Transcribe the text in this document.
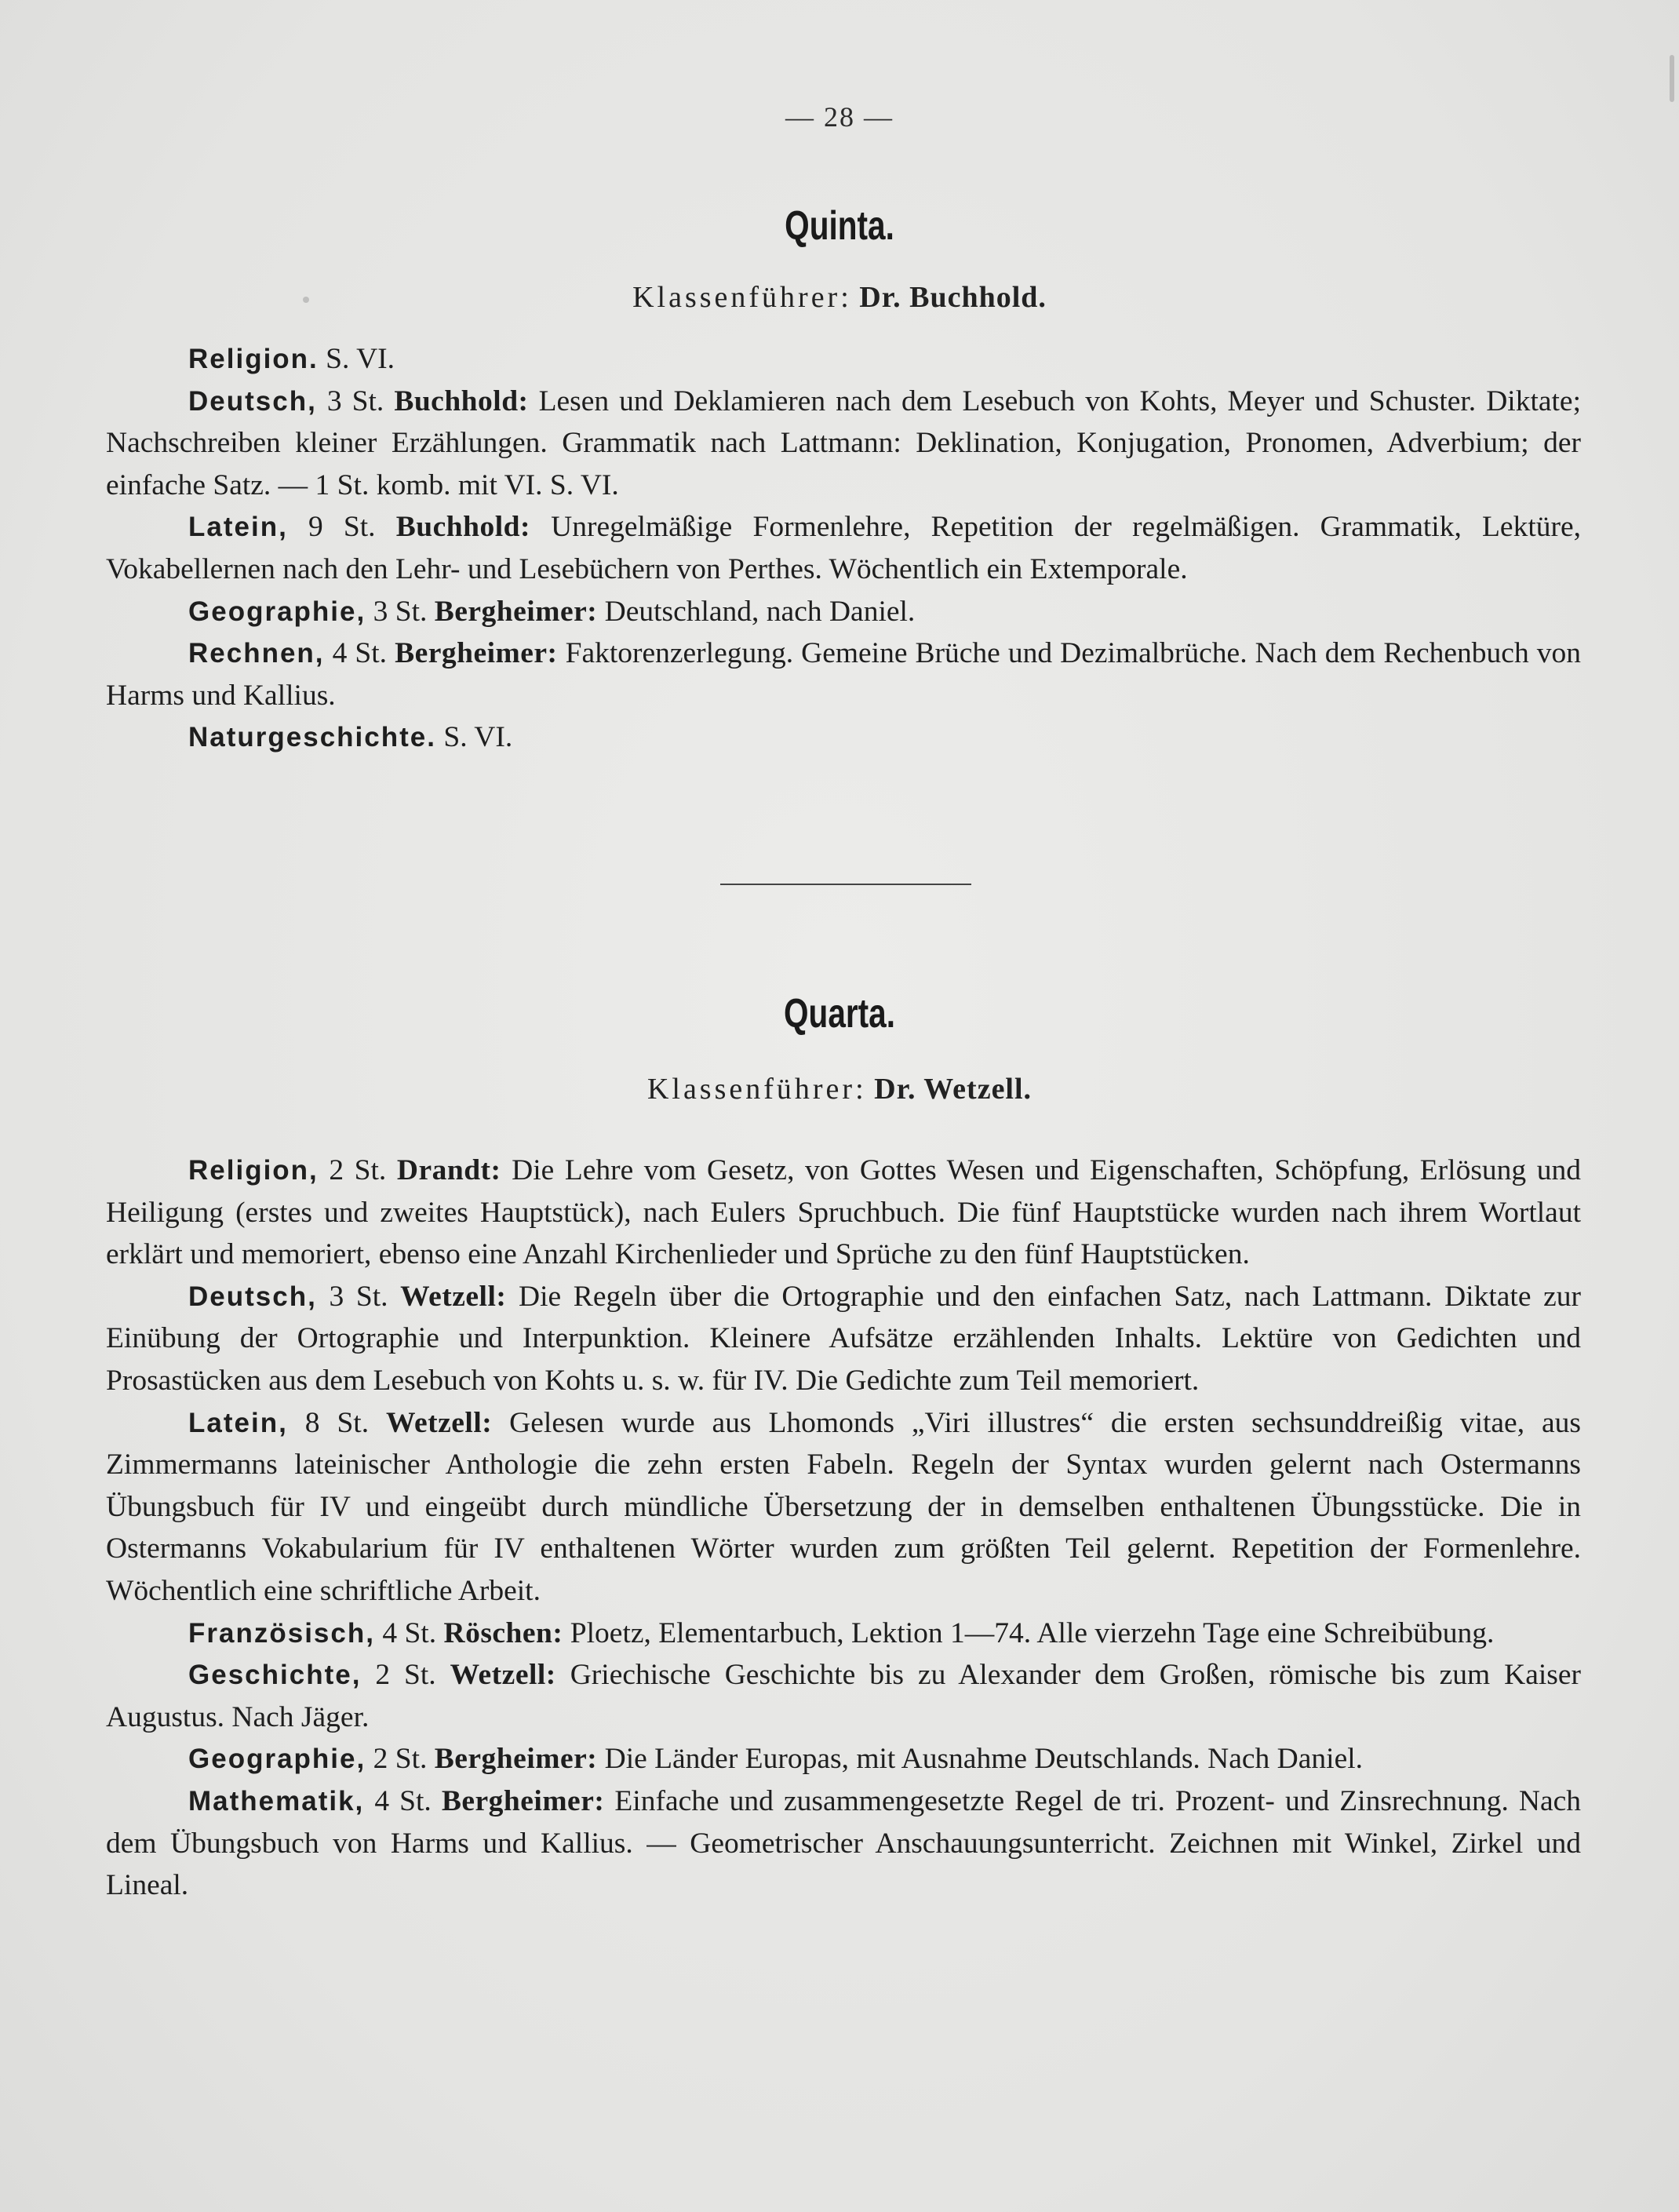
— 28 —
Quinta.
Klassenführer: Dr. Buchhold.

Religion. S. VI.

Deutsch, 3 St. Buchhold: Lesen und Deklamieren nach dem Lesebuch von Kohts, Meyer und Schuster. Diktate; Nachschreiben kleiner Erzählungen. Grammatik nach Lattmann: Deklination, Konjugation, Pronomen, Adverbium; der einfache Satz. — 1 St. komb. mit VI. S. VI.

Latein, 9 St. Buchhold: Unregelmäßige Formenlehre, Repetition der regelmäßigen. Grammatik, Lektüre, Vokabellernen nach den Lehr- und Lesebüchern von Perthes. Wöchentlich ein Extemporale.

Geographie, 3 St. Bergheimer: Deutschland, nach Daniel.

Rechnen, 4 St. Bergheimer: Faktorenzerlegung. Gemeine Brüche und Dezimalbrüche. Nach dem Rechenbuch von Harms und Kallius.

Naturgeschichte. S. VI.

Quarta.
Klassenführer: Dr. Wetzell.

Religion, 2 St. Drandt: Die Lehre vom Gesetz, von Gottes Wesen und Eigenschaften, Schöpfung, Erlösung und Heiligung (erstes und zweites Hauptstück), nach Eulers Spruchbuch. Die fünf Hauptstücke wurden nach ihrem Wortlaut erklärt und memoriert, ebenso eine Anzahl Kirchenlieder und Sprüche zu den fünf Hauptstücken.

Deutsch, 3 St. Wetzell: Die Regeln über die Ortographie und den einfachen Satz, nach Lattmann. Diktate zur Einübung der Ortographie und Interpunktion. Kleinere Aufsätze erzählenden Inhalts. Lektüre von Gedichten und Prosastücken aus dem Lesebuch von Kohts u. s. w. für IV. Die Gedichte zum Teil memoriert.

Latein, 8 St. Wetzell: Gelesen wurde aus Lhomonds „Viri illustres“ die ersten sechsunddreißig vitae, aus Zimmermanns lateinischer Anthologie die zehn ersten Fabeln. Regeln der Syntax wurden gelernt nach Ostermanns Übungsbuch für IV und eingeübt durch mündliche Übersetzung der in demselben enthaltenen Übungsstücke. Die in Ostermanns Vokabularium für IV enthaltenen Wörter wurden zum größten Teil gelernt. Repetition der Formenlehre. Wöchentlich eine schriftliche Arbeit.

Französisch, 4 St. Röschen: Ploetz, Elementarbuch, Lektion 1—74. Alle vierzehn Tage eine Schreibübung.

Geschichte, 2 St. Wetzell: Griechische Geschichte bis zu Alexander dem Großen, römische bis zum Kaiser Augustus. Nach Jäger.

Geographie, 2 St. Bergheimer: Die Länder Europas, mit Ausnahme Deutschlands. Nach Daniel.

Mathematik, 4 St. Bergheimer: Einfache und zusammengesetzte Regel de tri. Prozent- und Zinsrechnung. Nach dem Übungsbuch von Harms und Kallius. — Geometrischer Anschauungsunterricht. Zeichnen mit Winkel, Zirkel und Lineal.
